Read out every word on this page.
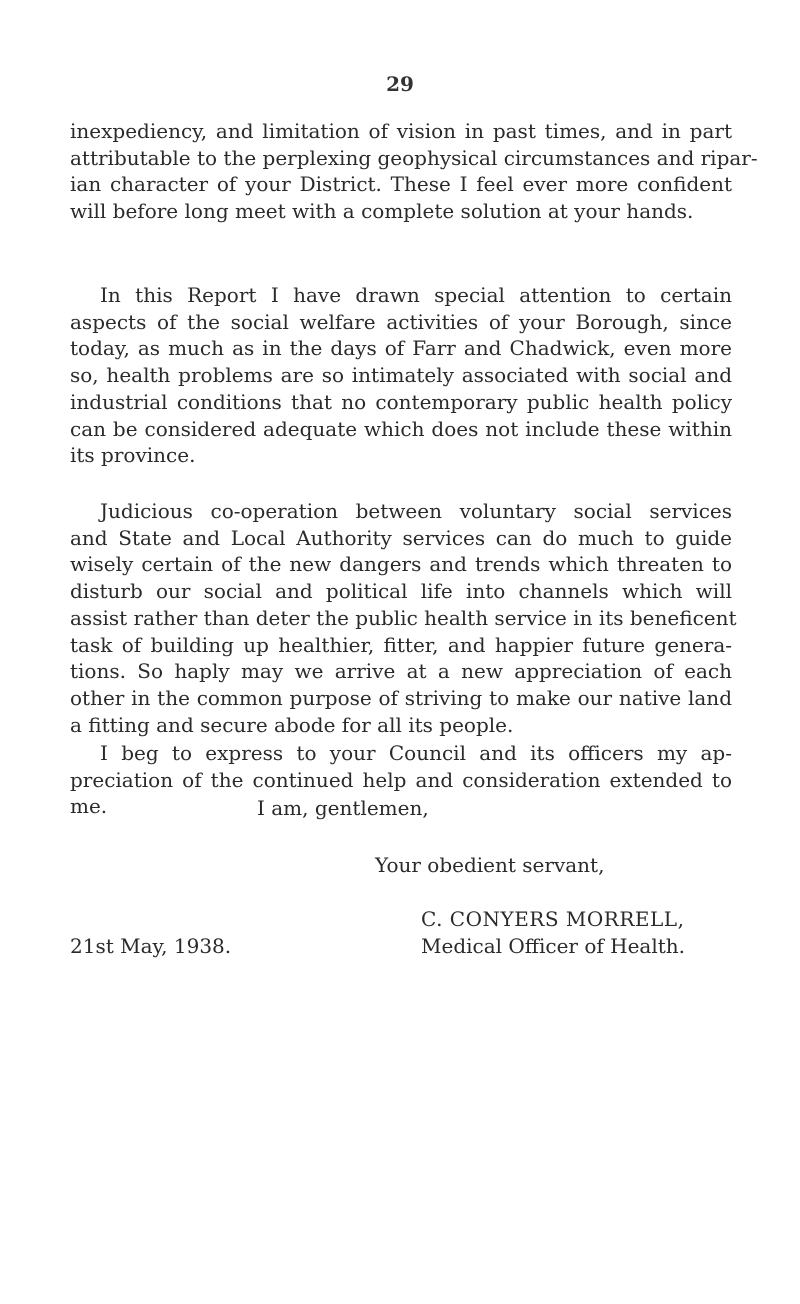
29

inexpediency, and limitation of vision in past times, and in part
attributable to the perplexing geophysical circumstances and ripar-
ian character of your District. These I feel ever more confident
will before long meet with a complete solution at your hands.

In this Report I have drawn special attention to certain
aspects of the social welfare activities of your Borough, since
today, as much as in the days of Farr and Chadwick, even more
so, health problems are so intimately associated with social and
industrial conditions that no contemporary public health policy
can be considered adequate which does not include these within
its province.

Judicious co-operation between voluntary social services
and State and Local Authority services can do much to guide
wisely certain of the new dangers and trends which threaten to
disturb our social and political life into channels which will
assist rather than deter the public health service in its beneficent
task of building up healthier, fitter, and happier future genera-
tions. So haply may we arrive at a new appreciation of each
other in the common purpose of striving to make our native land
a fitting and secure abode for all its people.

I beg to express to your Council and its officers my ap-
preciation of the continued help and consideration extended to
me.	I am, gentlemen,

Your obedient servant,

C. CONYERS MORRELL,

21st May, 1938.	Medical Officer of Health.
